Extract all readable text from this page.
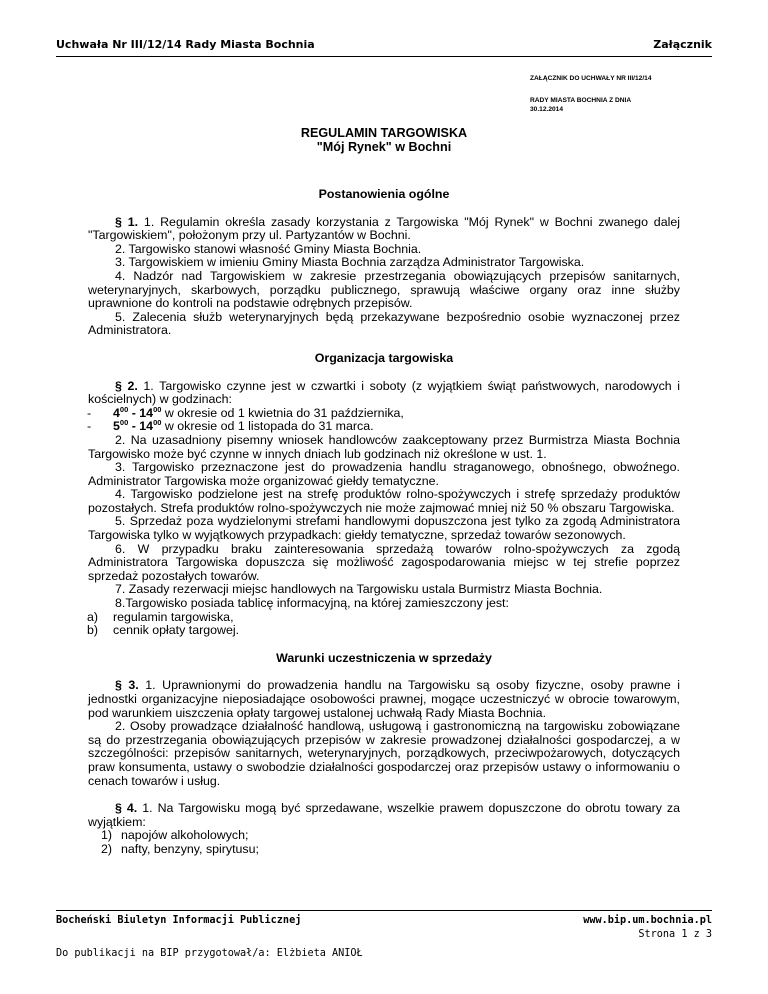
Uchwała Nr III/12/14 Rady Miasta Bochnia	Załącznik
ZAŁĄCZNIK DO UCHWAŁY NR III/12/14
RADY MIASTA BOCHNIA Z DNIA
30.12.2014
REGULAMIN TARGOWISKA
"Mój Rynek" w Bochni
Postanowienia ogólne

§ 1. 1. Regulamin określa zasady korzystania z Targowiska "Mój Rynek" w Bochni zwanego dalej "Targowiskiem", położonym przy ul. Partyzantów w Bochni.

2. Targowisko stanowi własność Gminy Miasta Bochnia.

3. Targowiskiem w imieniu Gminy Miasta Bochnia zarządza Administrator Targowiska.

4. Nadzór nad Targowiskiem w zakresie przestrzegania obowiązujących przepisów sanitarnych, weterynaryjnych, skarbowych, porządku publicznego, sprawują właściwe organy oraz inne służby uprawnione do kontroli na podstawie odrębnych przepisów.

5. Zalecenia służb weterynaryjnych będą przekazywane bezpośrednio osobie wyznaczonej przez Administratora.

Organizacja targowiska

§ 2. 1. Targowisko czynne jest w czwartki i soboty (z wyjątkiem świąt państwowych, narodowych i kościelnych) w godzinach:

- $4^{00} - 14^{00}$ w okresie od 1 kwietnia do 31 października,
- $5^{00} - 14^{00}$ w okresie od 1 listopada do 31 marca.

2. Na uzasadniony pisemny wniosek handlowców zaakceptowany przez Burmistrza Miasta Bochnia Targowisko może być czynne w innych dniach lub godzinach niż określone w ust. 1.

3. Targowisko przeznaczone jest do prowadzenia handlu straganowego, obnośnego, obwoźnego. Administrator Targowiska może organizować giełdy tematyczne.

4. Targowisko podzielone jest na strefę produktów rolno-spożywczych i strefę sprzedaży produktów pozostałych. Strefa produktów rolno-spożywczych nie może zajmować mniej niż 50 % obszaru Targowiska.

5. Sprzedaż poza wydzielonymi strefami handlowymi dopuszczona jest tylko za zgodą Administratora Targowiska tylko w wyjątkowych przypadkach: giełdy tematyczne, sprzedaż towarów sezonowych.

6. W przypadku braku zainteresowania sprzedażą towarów rolno-spożywczych za zgodą Administratora Targowiska dopuszcza się możliwość zagospodarowania miejsc w tej strefie poprzez sprzedaż pozostałych towarów.

7. Zasady rezerwacji miejsc handlowych na Targowisku ustala Burmistrz Miasta Bochnia.

8.Targowisko posiada tablicę informacyjną, na której zamieszczony jest:

a) regulamin targowiska,
b) cennik opłaty targowej.
Warunki uczestniczenia w sprzedaży

§ 3. 1. Uprawnionymi do prowadzenia handlu na Targowisku są osoby fizyczne, osoby prawne i jednostki organizacyjne nieposiadające osobowości prawnej, mogące uczestniczyć w obrocie towarowym, pod warunkiem uiszczenia opłaty targowej ustalonej uchwałą Rady Miasta Bochnia.

2. Osoby prowadzące działalność handlową, usługową i gastronomiczną na targowisku zobowiązane są do przestrzegania obowiązujących przepisów w zakresie prowadzonej działalności gospodarczej, a w szczególności: przepisów sanitarnych, weterynaryjnych, porządkowych, przeciwpożarowych, dotyczących praw konsumenta, ustawy o swobodzie działalności gospodarczej oraz przepisów ustawy o informowaniu o cenach towarów i usług.

§ 4. 1. Na Targowisku mogą być sprzedawane, wszelkie prawem dopuszczone do obrotu towary za wyjątkiem:

1) napojów alkoholowych;
2) nafty, benzyny, spirytusu;
Bocheński Biuletyn Informacji Publicznej	www.bip.um.bochnia.pl
Strona 1 z 3
Do publikacji na BIP przygotował/a: Elżbieta ANIOŁ
